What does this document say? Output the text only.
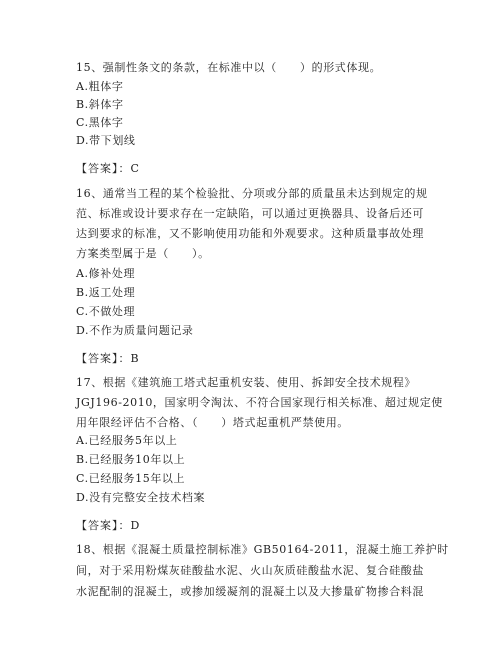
15、强制性条文的条款，在标准中以（　　）的形式体现。

A.粗体字

B.斜体字

C.黑体字

D.带下划线

【答案】：C

16、通常当工程的某个检验批、分项或分部的质量虽未达到规定的规

范、标准或设计要求存在一定缺陷，可以通过更换器具、设备后还可

达到要求的标准，又不影响使用功能和外观要求。这种质量事故处理

方案类型属于是（　　）。

A.修补处理

B.返工处理

C.不做处理

D.不作为质量问题记录

【答案】：B

17、根据《建筑施工塔式起重机安装、使用、拆卸安全技术规程》

JGJ196-2010，国家明令淘汰、不符合国家现行相关标准、超过规定使

用年限经评估不合格、（　　）塔式起重机严禁使用。

A.已经服务5年以上

B.已经服务10年以上

C.已经服务15年以上

D.没有完整安全技术档案

【答案】：D

18、根据《混凝土质量控制标准》GB50164-2011，混凝土施工养护时

间，对于采用粉煤灰硅酸盐水泥、火山灰质硅酸盐水泥、复合硅酸盐

水泥配制的混凝土，或掺加缓凝剂的混凝土以及大掺量矿物掺合料混
